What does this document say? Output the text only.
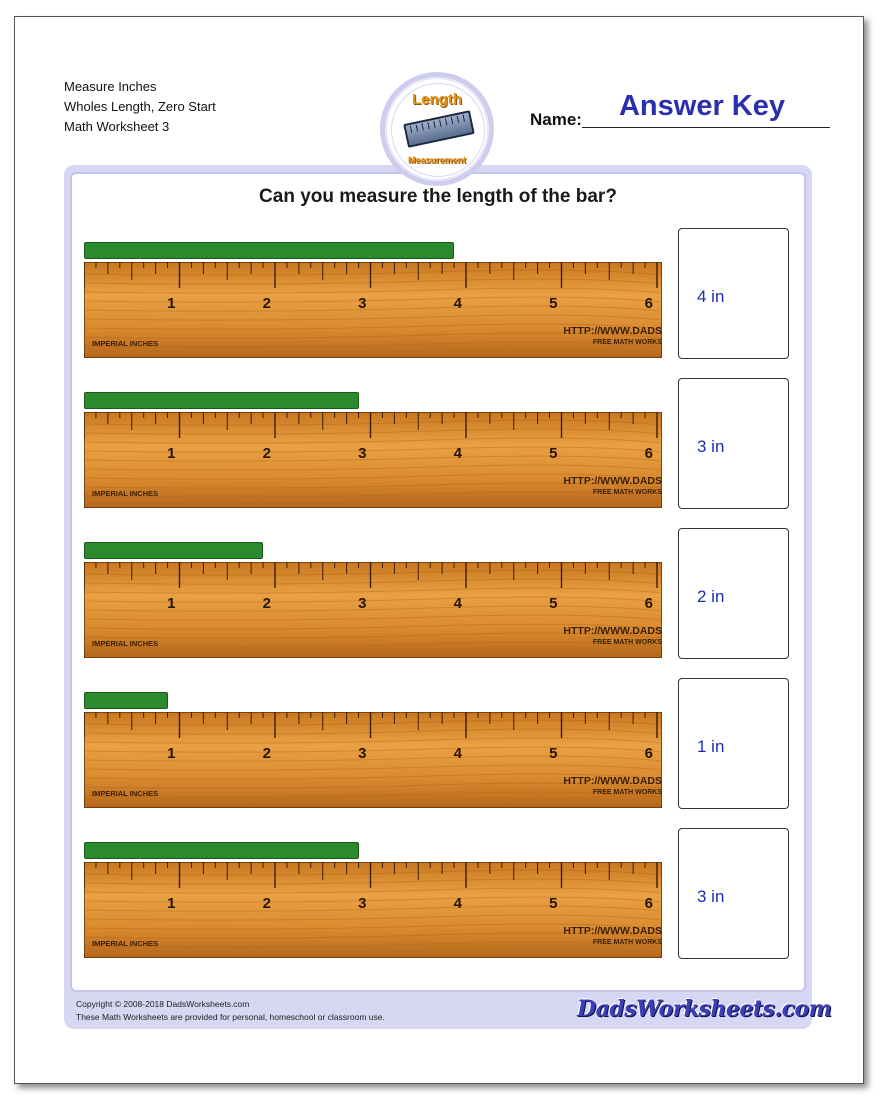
Measure Inches
Wholes Length, Zero Start
Math Worksheet 3
Length
Measurement
Name:	Answer Key
Can you measure the length of the bar?
1	2	3	4	5	6
IMPERIAL INCHES
HTTP://WWW.DADS
FREE MATH WORKS
4 in
1	2	3	4	5	6
IMPERIAL INCHES
HTTP://WWW.DADS
FREE MATH WORKS
3 in
1	2	3	4	5	6
IMPERIAL INCHES
HTTP://WWW.DADS
FREE MATH WORKS
2 in
1	2	3	4	5	6
IMPERIAL INCHES
HTTP://WWW.DADS
FREE MATH WORKS
1 in
1	2	3	4	5	6
IMPERIAL INCHES
HTTP://WWW.DADS
FREE MATH WORKS
3 in
Copyright © 2008-2018 DadsWorksheets.com
These Math Worksheets are provided for personal, homeschool or classroom use.	DadsWorksheets.com
